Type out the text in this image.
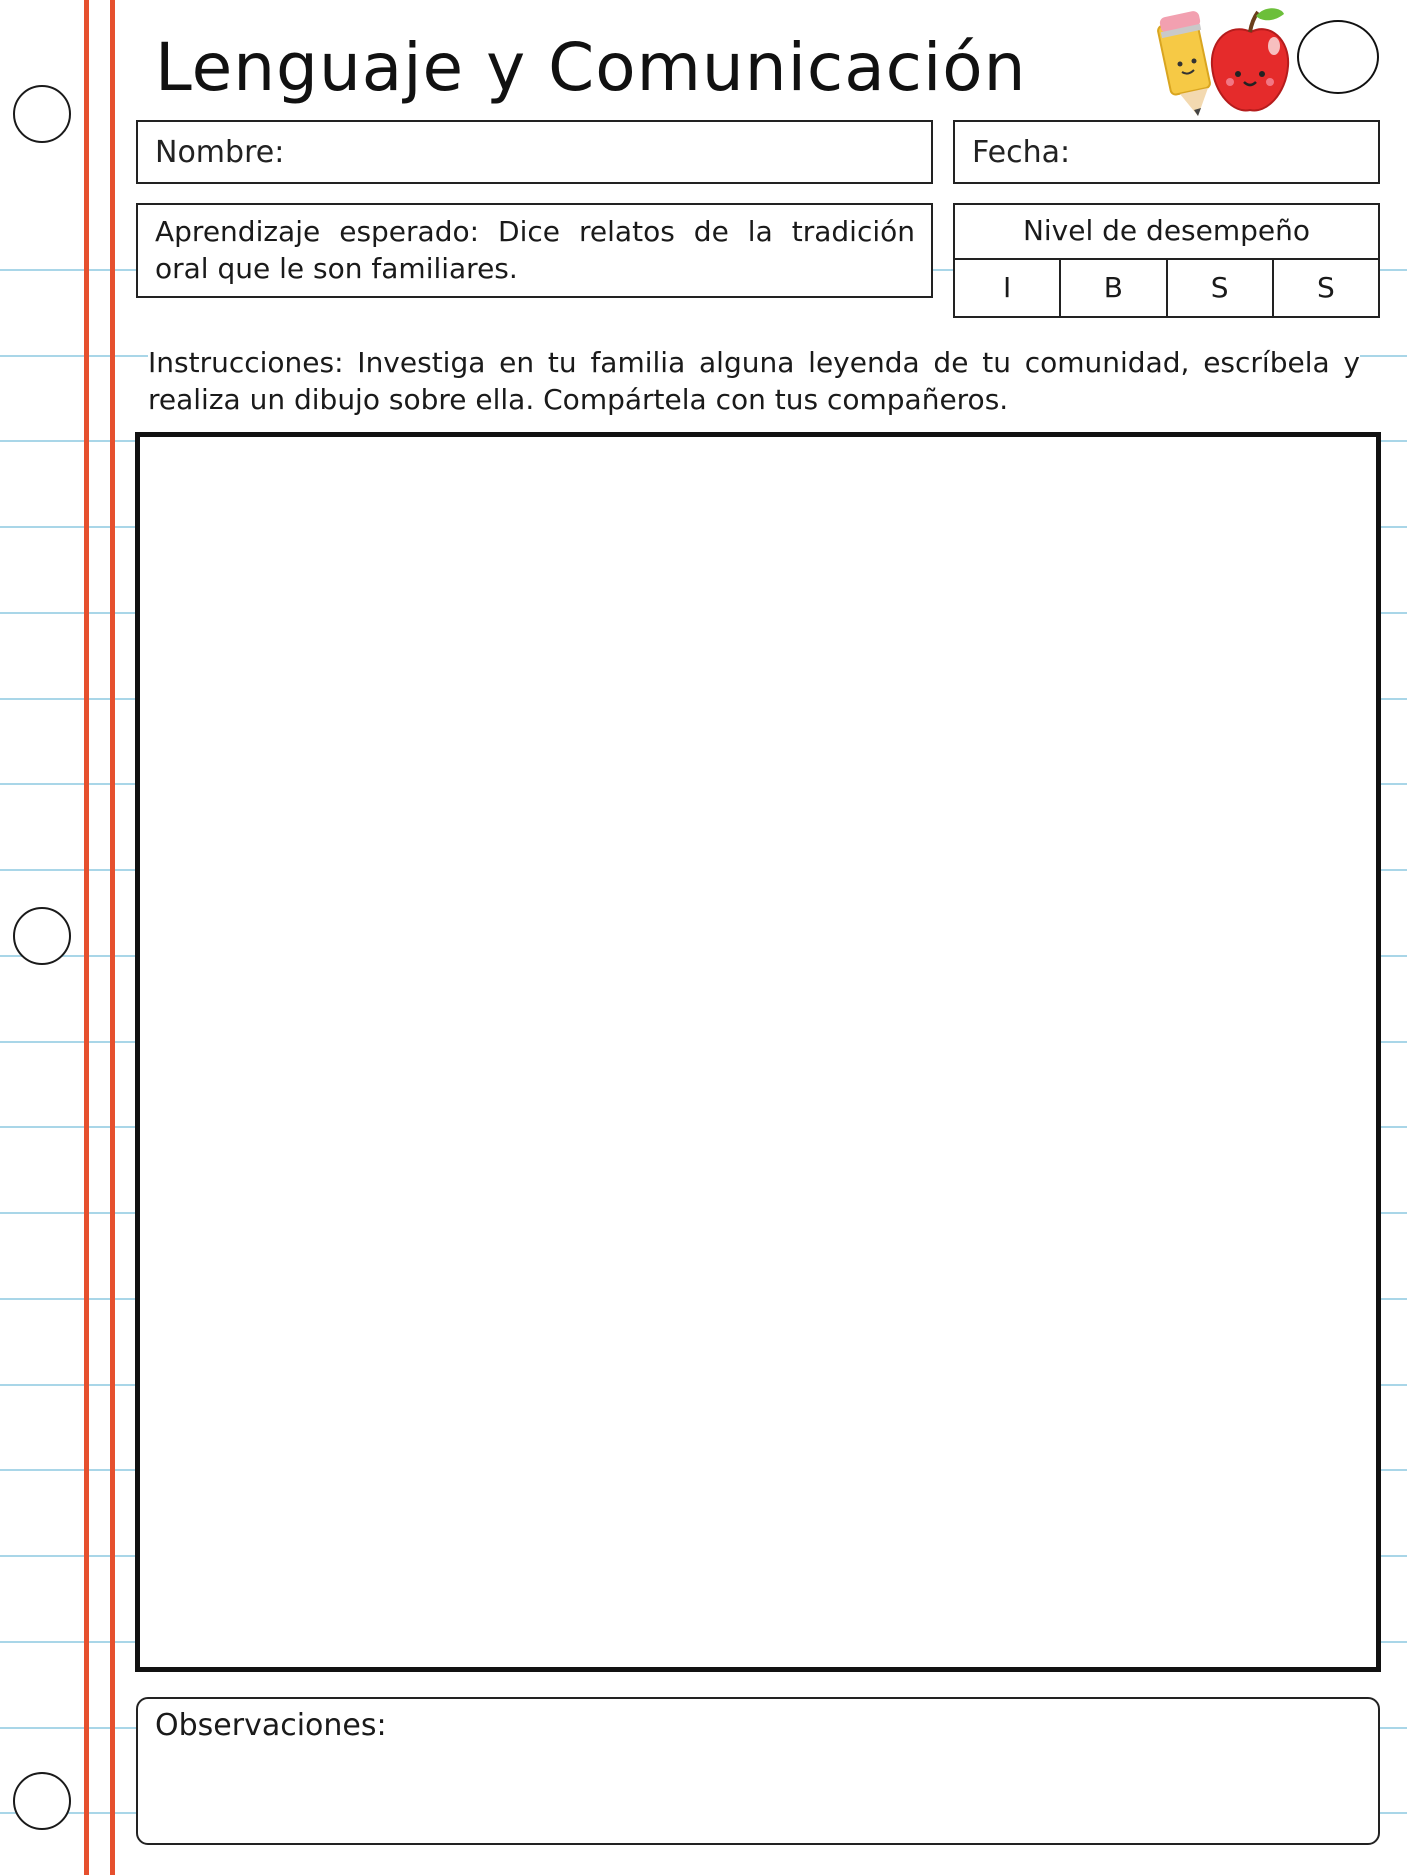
Lenguaje y Comunicación
Nombre:	Fecha:
Aprendizaje esperado: Dice relatos de la tradición oral que le son familiares.
Nivel de desempeño
I	B	S	S
Instrucciones: Investiga en tu familia alguna leyenda de tu comunidad, escríbela y realiza un dibujo sobre ella. Compártela con tus compañeros.
Observaciones:
